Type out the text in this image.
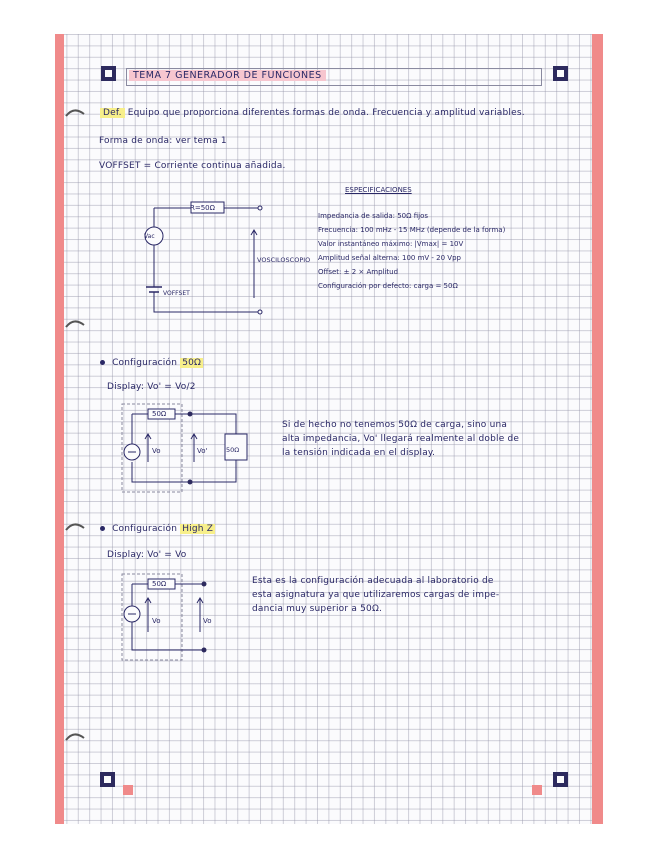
TEMA 7 GENERADOR DE FUNCIONES
Def. Equipo que proporciona diferentes formas de onda. Frecuencia y amplitud variables.
Forma de onda: ver tema 1
VOFFSET = Corriente continua añadida.
R=50Ω
Vac
VOFFSET
VOSCILOSCOPIO
ESPECIFICACIONES
Impedancia de salida: 50Ω fijos
Frecuencia: 100 mHz - 15 MHz (depende de la forma)
Valor instantáneo máximo: |Vmax| = 10V
Amplitud señal alterna: 100 mV - 20 Vpp
Offset: ± 2 × Amplitud
Configuración por defecto: carga = 50Ω
Configuración 50Ω
Display: Vo' = Vo/2
50Ω
Vo	Vo'	50Ω
Si de hecho no tenemos 50Ω de carga, sino una
alta impedancia, Vo' llegará realmente al doble de
la tensión indicada en el display.
Configuración High Z
Display: Vo' = Vo
50Ω
Vo	Vo
Esta es la configuración adecuada al laboratorio de
esta asignatura ya que utilizaremos cargas de impe-
dancia muy superior a 50Ω.
